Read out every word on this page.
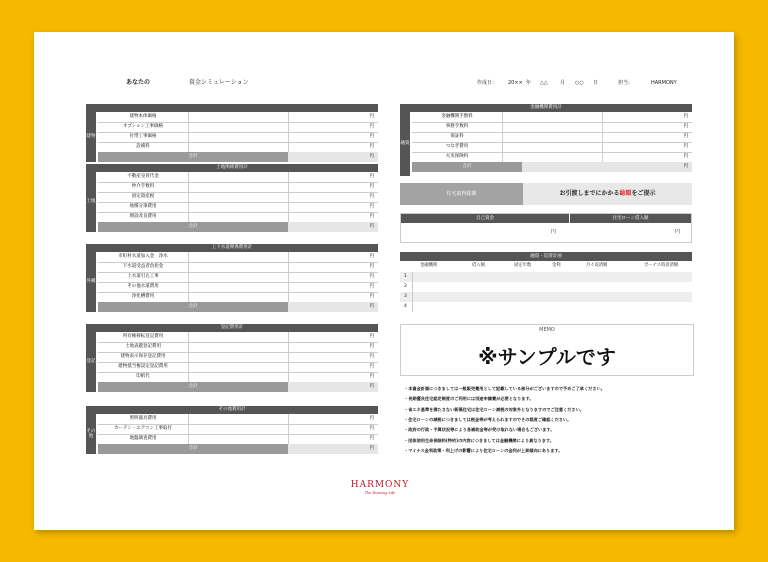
あなたの	資金シミュレーション	作成日： 20×× 年 △△ 月 ○○ 日	担当：	HARMONY
建物
建物本体価格	円
オプション工事価格	円
付帯工事価格	円
設備料	円
合計	円
土地関係費用計
土地
不動産売買代金	円
仲介手数料	円
固定資産税	円
地積分筆費用	円
増設改良費用	円
合計	円
上下水道関係費用計
外構
市町村水道加入金　浄水	円
下水道受益者負担金	円
上水道引込工事	円
その他水道費用	円
浄化槽費用	円
合計	円
登記費用計
登記
所有権移転登記費用	円
土地表題登記費用	円
建物表示保存登記費用	円
建物抵当権設定登記費用	円
印紙代	円
合計	円
その他費用計
その他
照明器具費用	円
カーテン・エアコン工事取付	円
地盤調査費用	円
合計	円
金融機関費用計
融資
金融機関手数料	円
事務手数料	円
保証料	円
つなぎ費用	円
火災保険料	円
合計	円
住宅取得総額	お引渡しまでにかかる総額をご提示
自己資金	住宅ローン借入額
円	円
融資・返済計画
金融機関	借入額	固定年数	金利	月々返済額	ボーナス時返済額
1
2
3
4
MEMO
※サンプルです
・本資金計画につきましては一般販売費用として記載している部分がございますので予めご了承ください。
・長期優良住宅認定制度のご利用には別途申請費が必要となります。
・省エネ基準を満たさない新築住宅は住宅ローン減税の対象外となりますのでご注意ください。
・住宅ローンの減税につきましては税金等が考えられますのでその都度ご確認ください。
・政府の行政・予算状況等により各補助金等が受け取れない場合もございます。
・団体信用生命保険料(特約)の内容につきましては金融機関により異なります。
・マイナス金利政策・利上げの影響により住宅ローンの金利が上昇傾向にあります。
HARMONY
The Housing Life
